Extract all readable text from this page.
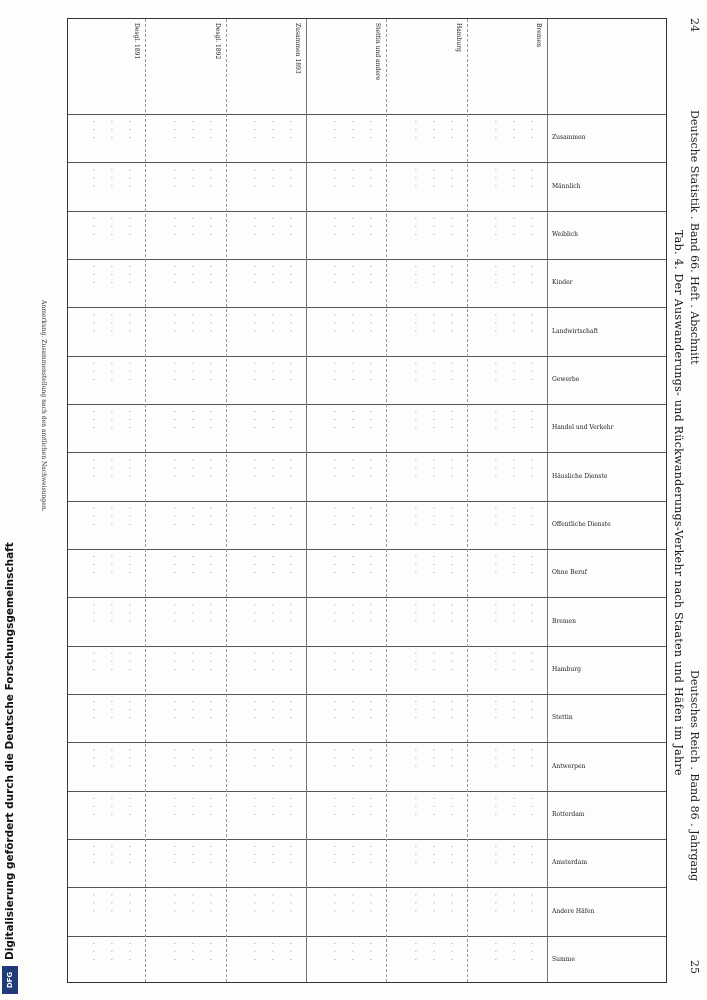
24
Deutsche Statistik . Band 66. Heft . Abschnitt
Deutsches Reich . Band 86 . Jahrgang
25
Tab. 4. Der Auswanderungs- und Rückwanderungs-Verkehr nach Staaten und Häfen im Jahre
Zusammen
Männlich
Weiblich
Kinder
Landwirtschaft
Gewerbe
Handel und Verkehr
Häusliche Dienste
Öffentliche Dienste
Ohne Beruf
Bremen
Hamburg
Stettin
Antwerpen
Rotterdam
Amsterdam
Andere Häfen
Summe
Bremen
· · ·
· · ·
· · ·
· · ·
· · ·
· · ·
· · ·
· · ·
· · ·
· · ·
· · ·
· · ·
· · ·
· · ·
· · ·
· · ·
· · ·
· · ·
· · ·
· · ·
· · ·
· · ·
· · ·
· · ·
· · ·
· · ·
· · ·
· · ·
· · ·
· · ·
· · ·
· · ·
· · ·
· · ·
· · ·
· · ·
· · ·
· · ·
· · ·
· · ·
· · ·
· · ·
· · ·
· · ·
· · ·
· · ·
· · ·
· · ·
· · ·
· · ·
· · ·
· · ·
· · ·
· · ·
Hamburg
· · ·
· · ·
· · ·
· · ·
· · ·
· · ·
· · ·
· · ·
· · ·
· · ·
· · ·
· · ·
· · ·
· · ·
· · ·
· · ·
· · ·
· · ·
· · ·
· · ·
· · ·
· · ·
· · ·
· · ·
· · ·
· · ·
· · ·
· · ·
· · ·
· · ·
· · ·
· · ·
· · ·
· · ·
· · ·
· · ·
· · ·
· · ·
· · ·
· · ·
· · ·
· · ·
· · ·
· · ·
· · ·
· · ·
· · ·
· · ·
· · ·
· · ·
· · ·
· · ·
· · ·
· · ·
Stettin und andere
· · ·
· · ·
· · ·
· · ·
· · ·
· · ·
· · ·
· · ·
· · ·
· · ·
· · ·
· · ·
· · ·
· · ·
· · ·
· · ·
· · ·
· · ·
· · ·
· · ·
· · ·
· · ·
· · ·
· · ·
· · ·
· · ·
· · ·
· · ·
· · ·
· · ·
· · ·
· · ·
· · ·
· · ·
· · ·
· · ·
· · ·
· · ·
· · ·
· · ·
· · ·
· · ·
· · ·
· · ·
· · ·
· · ·
· · ·
· · ·
· · ·
· · ·
· · ·
· · ·
· · ·
· · ·
Zusammen 1893
· · ·
· · ·
· · ·
· · ·
· · ·
· · ·
· · ·
· · ·
· · ·
· · ·
· · ·
· · ·
· · ·
· · ·
· · ·
· · ·
· · ·
· · ·
· · ·
· · ·
· · ·
· · ·
· · ·
· · ·
· · ·
· · ·
· · ·
· · ·
· · ·
· · ·
· · ·
· · ·
· · ·
· · ·
· · ·
· · ·
· · ·
· · ·
· · ·
· · ·
· · ·
· · ·
· · ·
· · ·
· · ·
· · ·
· · ·
· · ·
· · ·
· · ·
· · ·
· · ·
· · ·
· · ·
Desgl. 1892
· · ·
· · ·
· · ·
· · ·
· · ·
· · ·
· · ·
· · ·
· · ·
· · ·
· · ·
· · ·
· · ·
· · ·
· · ·
· · ·
· · ·
· · ·
· · ·
· · ·
· · ·
· · ·
· · ·
· · ·
· · ·
· · ·
· · ·
· · ·
· · ·
· · ·
· · ·
· · ·
· · ·
· · ·
· · ·
· · ·
· · ·
· · ·
· · ·
· · ·
· · ·
· · ·
· · ·
· · ·
· · ·
· · ·
· · ·
· · ·
· · ·
· · ·
· · ·
· · ·
· · ·
· · ·
Desgl. 1891
· · ·
· · ·
· · ·
· · ·
· · ·
· · ·
· · ·
· · ·
· · ·
· · ·
· · ·
· · ·
· · ·
· · ·
· · ·
· · ·
· · ·
· · ·
· · ·
· · ·
· · ·
· · ·
· · ·
· · ·
· · ·
· · ·
· · ·
· · ·
· · ·
· · ·
· · ·
· · ·
· · ·
· · ·
· · ·
· · ·
· · ·
· · ·
· · ·
· · ·
· · ·
· · ·
· · ·
· · ·
· · ·
· · ·
· · ·
· · ·
· · ·
· · ·
· · ·
· · ·
· · ·
· · ·
Anmerkung. Zusammenstellung nach den amtlichen Nachweisungen.
Digitalisierung gefördert durch die Deutsche Forschungsgemeinschaft
DFG
